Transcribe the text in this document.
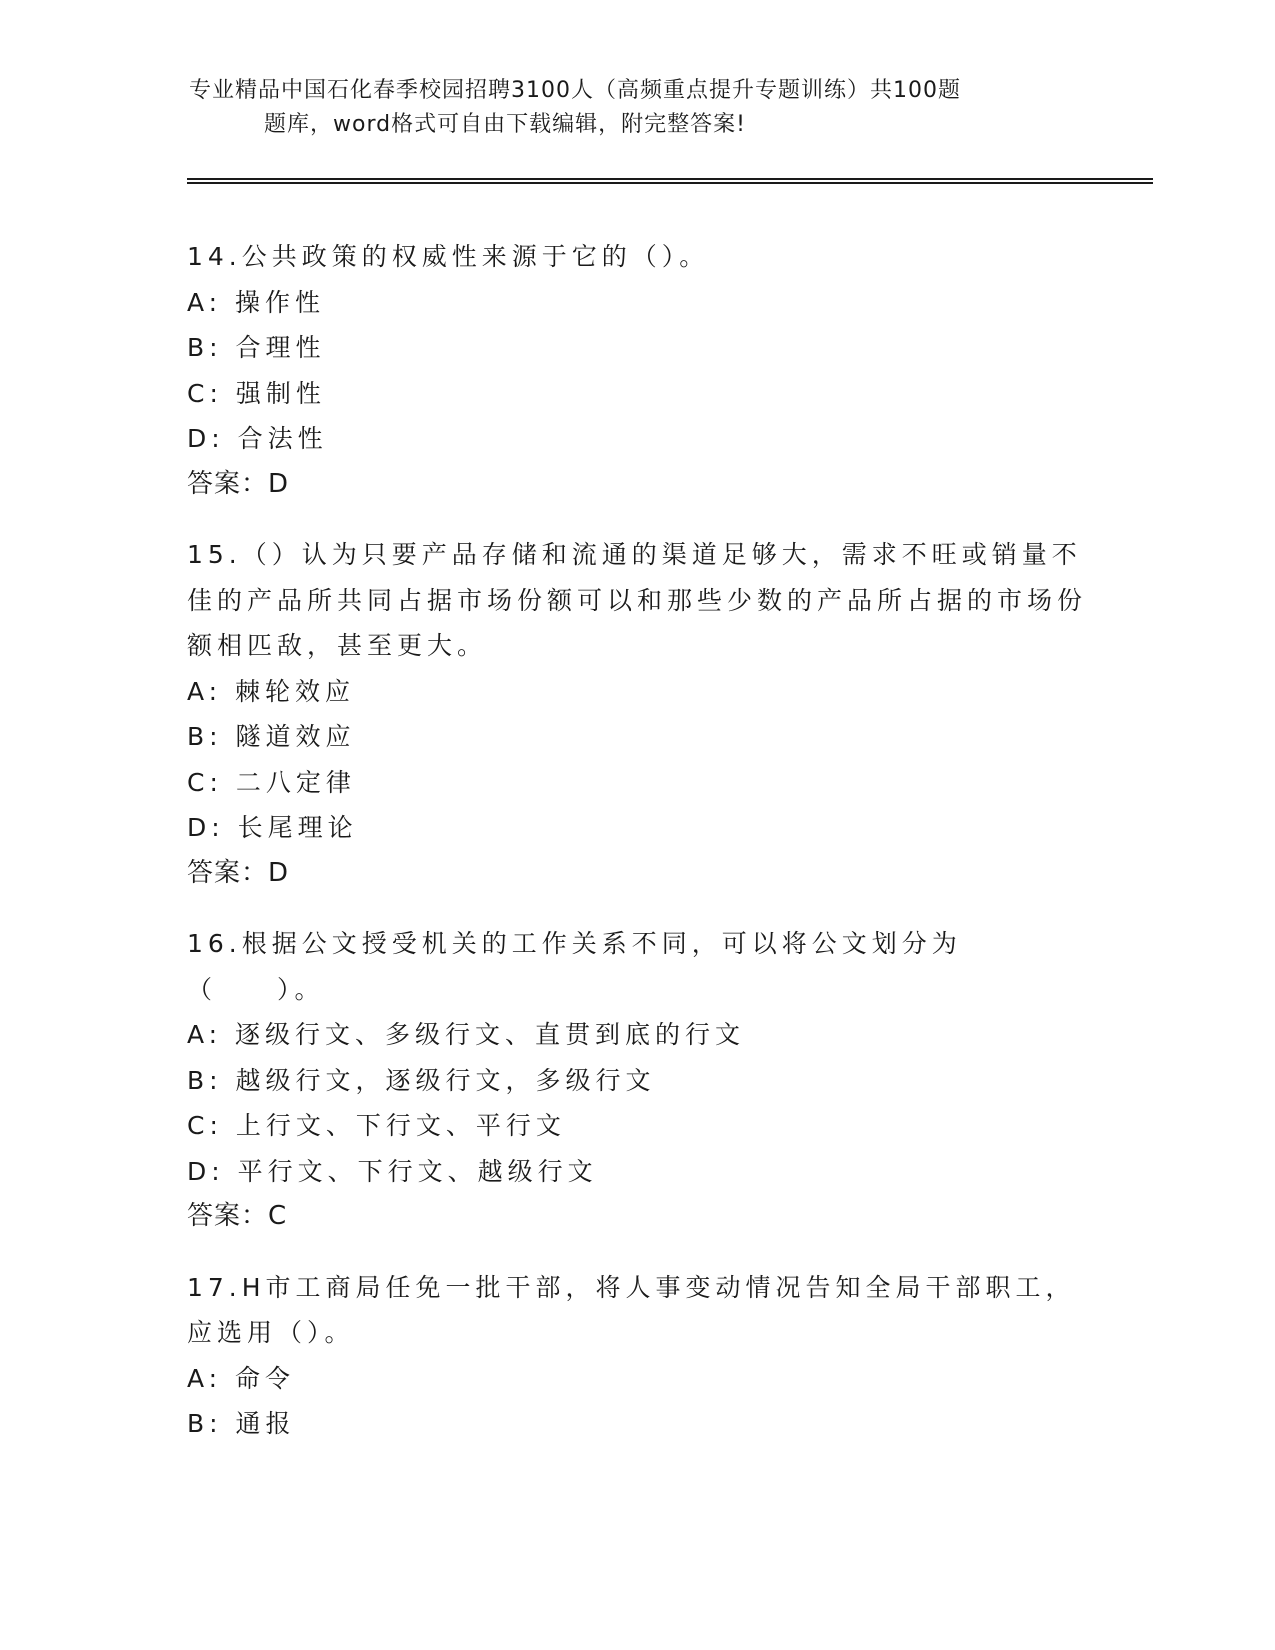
专业精品中国石化春季校园招聘3100人（高频重点提升专题训练）共100题
题库，word格式可自由下载编辑，附完整答案!
14.公共政策的权威性来源于它的（）。
A: 操作性
B: 合理性
C: 强制性
D: 合法性
答案：D
15.（）认为只要产品存储和流通的渠道足够大，需求不旺或销量不佳的产品所共同占据市场份额可以和那些少数的产品所占据的市场份额相匹敌，甚至更大。
A: 棘轮效应
B: 隧道效应
C: 二八定律
D: 长尾理论
答案：D
16.根据公文授受机关的工作关系不同，可以将公文划分为（　　）。
A: 逐级行文、多级行文、直贯到底的行文
B: 越级行文，逐级行文，多级行文
C: 上行文、下行文、平行文
D: 平行文、下行文、越级行文
答案：C
17.H市工商局任免一批干部，将人事变动情况告知全局干部职工，应选用（）。
A: 命令
B: 通报
